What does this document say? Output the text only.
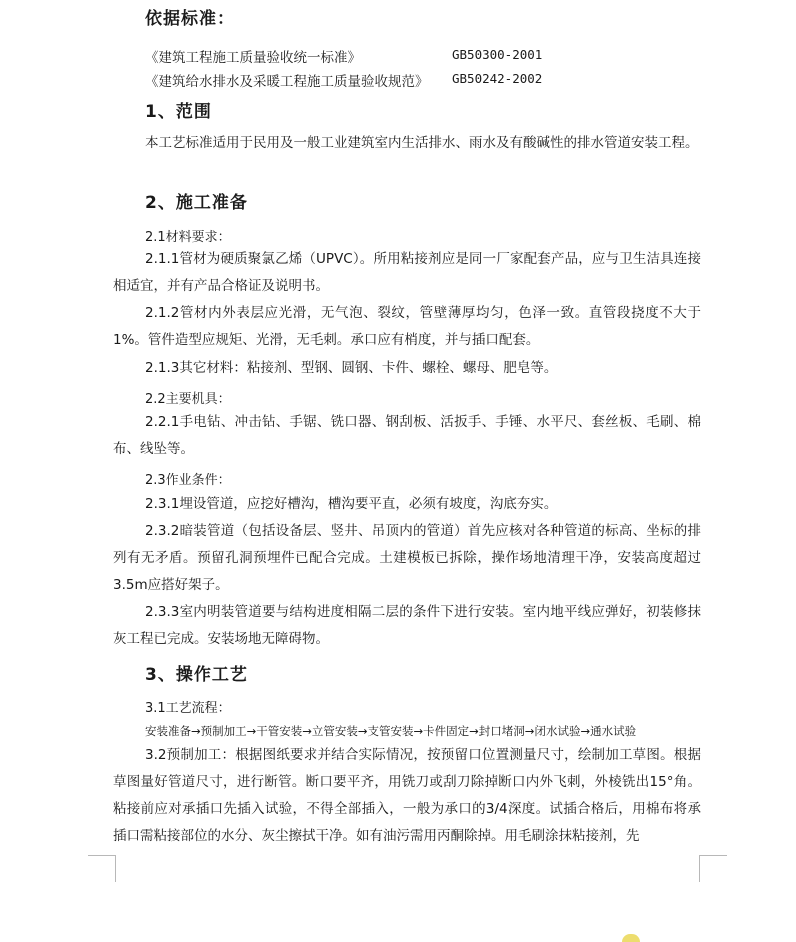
依据标准：
《建筑工程施工质量验收统一标准》	GB50300-2001
《建筑给水排水及采暖工程施工质量验收规范》 GB50242-2002
1、范围
本工艺标准适用于民用及一般工业建筑室内生活排水、雨水及有酸碱性的排水管道安装工程。
2、施工准备
2.1材料要求：
2.1.1管材为硬质聚氯乙烯（UPVC）。所用粘接剂应是同一厂家配套产品，应与卫生洁具连接相适宜，并有产品合格证及说明书。
2.1.2管材内外表层应光滑，无气泡、裂纹，管壁薄厚均匀，色泽一致。直管段挠度不大于1%。管件造型应规矩、光滑，无毛刺。承口应有梢度，并与插口配套。
2.1.3其它材料：粘接剂、型钢、圆钢、卡件、螺栓、螺母、肥皂等。
2.2主要机具：
2.2.1手电钻、冲击钻、手锯、铣口器、钢刮板、活扳手、手锤、水平尺、套丝板、毛刷、棉布、线坠等。
2.3作业条件：
2.3.1埋设管道，应挖好槽沟，槽沟要平直，必须有坡度，沟底夯实。
2.3.2暗装管道（包括设备层、竖井、吊顶内的管道）首先应核对各种管道的标高、坐标的排列有无矛盾。预留孔洞预埋件已配合完成。土建模板已拆除，操作场地清理干净，安装高度超过3.5m应搭好架子。
2.3.3室内明装管道要与结构进度相隔二层的条件下进行安装。室内地平线应弹好，初装修抹灰工程已完成。安装场地无障碍物。
3、操作工艺
3.1工艺流程：
安装准备→预制加工→干管安装→立管安装→支管安装→卡件固定→封口堵洞→闭水试验→通水试验
3.2预制加工：根据图纸要求并结合实际情况，按预留口位置测量尺寸，绘制加工草图。根据草图量好管道尺寸，进行断管。断口要平齐，用铣刀或刮刀除掉断口内外飞刺，外棱铣出15°角。粘接前应对承插口先插入试验，不得全部插入，一般为承口的3/4深度。试插合格后，用棉布将承插口需粘接部位的水分、灰尘擦拭干净。如有油污需用丙酮除掉。用毛刷涂抹粘接剂，先
